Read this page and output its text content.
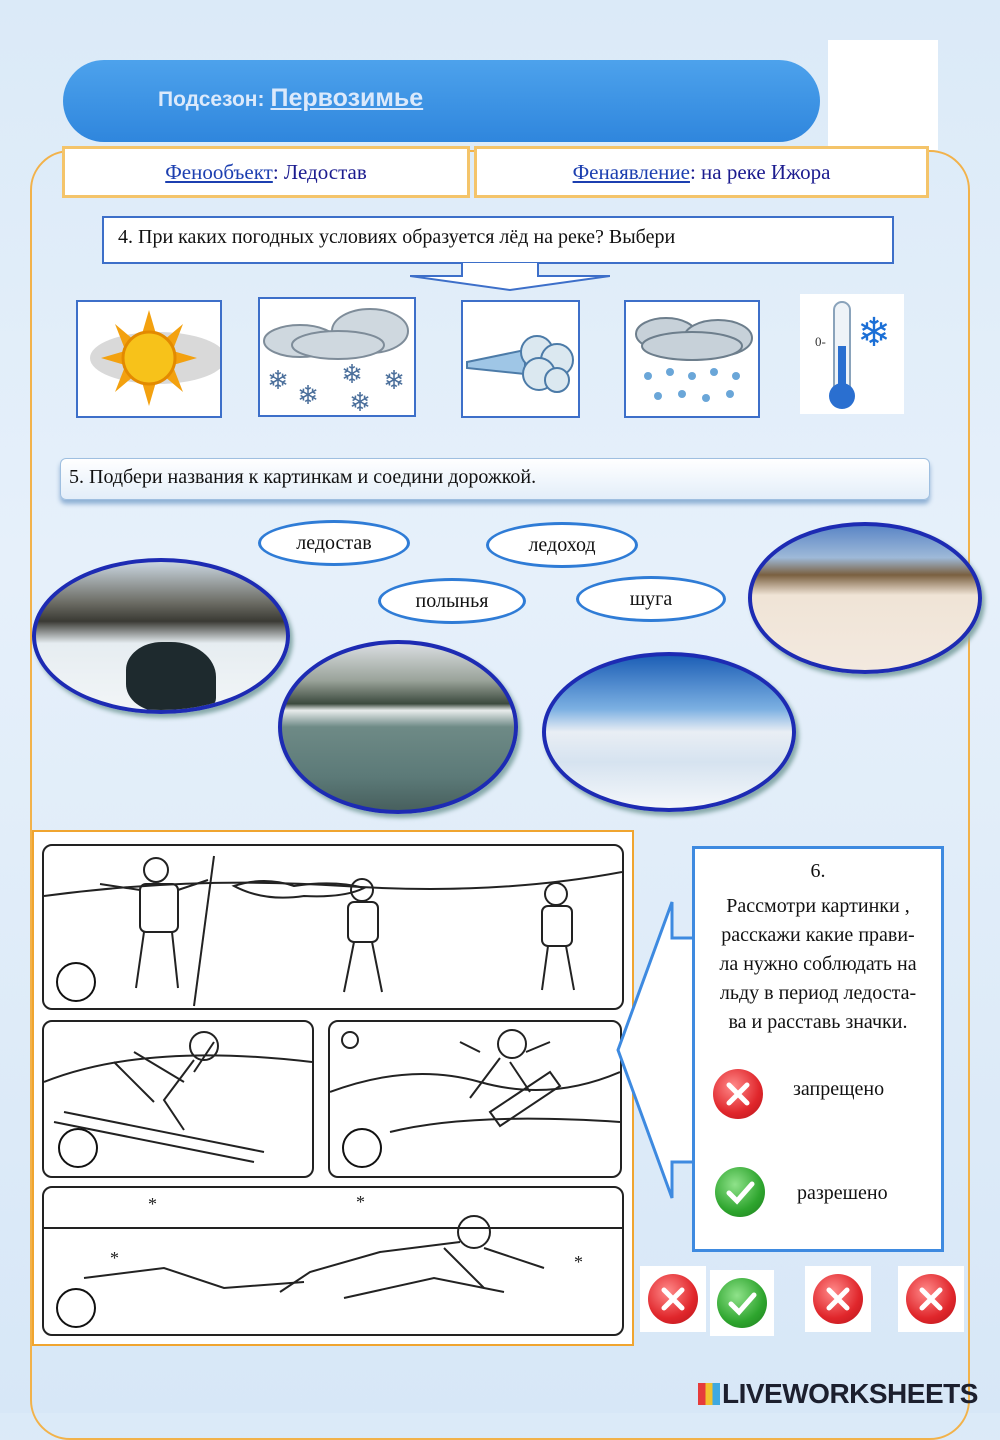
Подсезон: Первозимье
Фенообъект : Ледостав	Фенаявление : на реке Ижора
4. При каких погодных условиях образуется лёд на реке? Выбери
❄
❄
❄
❄
❄
❄
0-
5. Подбери названия к картинкам и соедини дорожкой.
ледостав	ледоход
полынья	шуга
*	*
*	*
6.
Рассмотри картинки ,
расскажи какие прави-
ла нужно соблюдать на
льду в период ледоста-
ва и расставь значки.
запрещено
разрешено
LIVEWORKSHEETS
